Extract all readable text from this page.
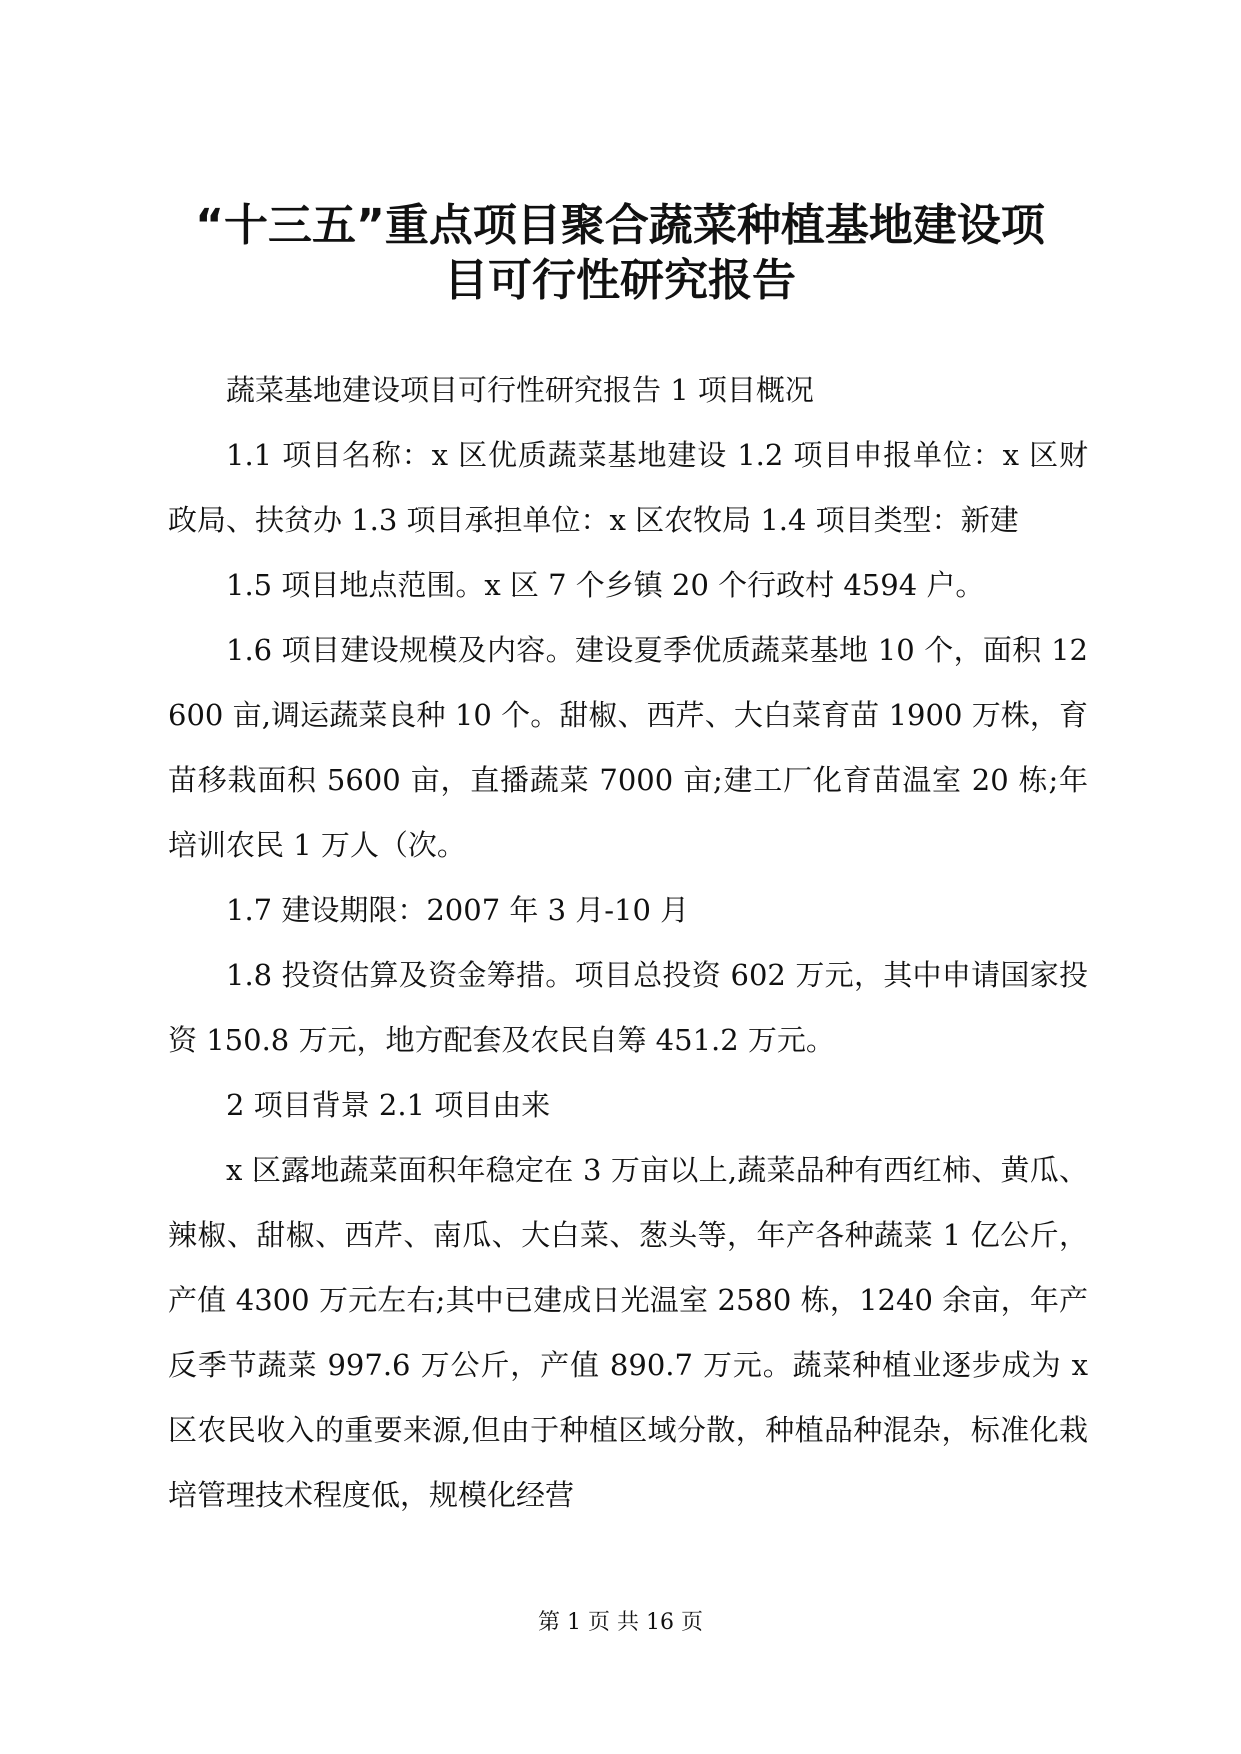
“十三五”重点项目聚合蔬菜种植基地建设项
目可行性研究报告

蔬菜基地建设项目可行性研究报告 1 项目概况

1.1 项目名称：x 区优质蔬菜基地建设 1.2 项目申报单位：x 区财政局、扶贫办 1.3 项目承担单位：x 区农牧局 1.4 项目类型：新建

1.5 项目地点范围。x 区 7 个乡镇 20 个行政村 4594 户。

1.6 项目建设规模及内容。建设夏季优质蔬菜基地 10 个，面积 12600 亩,调运蔬菜良种 10 个。甜椒、西芹、大白菜育苗 1900 万株，育苗移栽面积 5600 亩，直播蔬菜 7000 亩;建工厂化育苗温室 20 栋;年培训农民 1 万人（次。

1.7 建设期限：2007 年 3 月-10 月

1.8 投资估算及资金筹措。项目总投资 602 万元，其中申请国家投资 150.8 万元，地方配套及农民自筹 451.2 万元。

2 项目背景 2.1 项目由来

x 区露地蔬菜面积年稳定在 3 万亩以上,蔬菜品种有西红柿、黄瓜、辣椒、甜椒、西芹、南瓜、大白菜、葱头等，年产各种蔬菜 1 亿公斤，产值 4300 万元左右;其中已建成日光温室 2580 栋，1240 余亩，年产反季节蔬菜 997.6 万公斤，产值 890.7 万元。蔬菜种植业逐步成为 x 区农民收入的重要来源,但由于种植区域分散，种植品种混杂，标准化栽培管理技术程度低，规模化经营

第 1 页 共 16 页
